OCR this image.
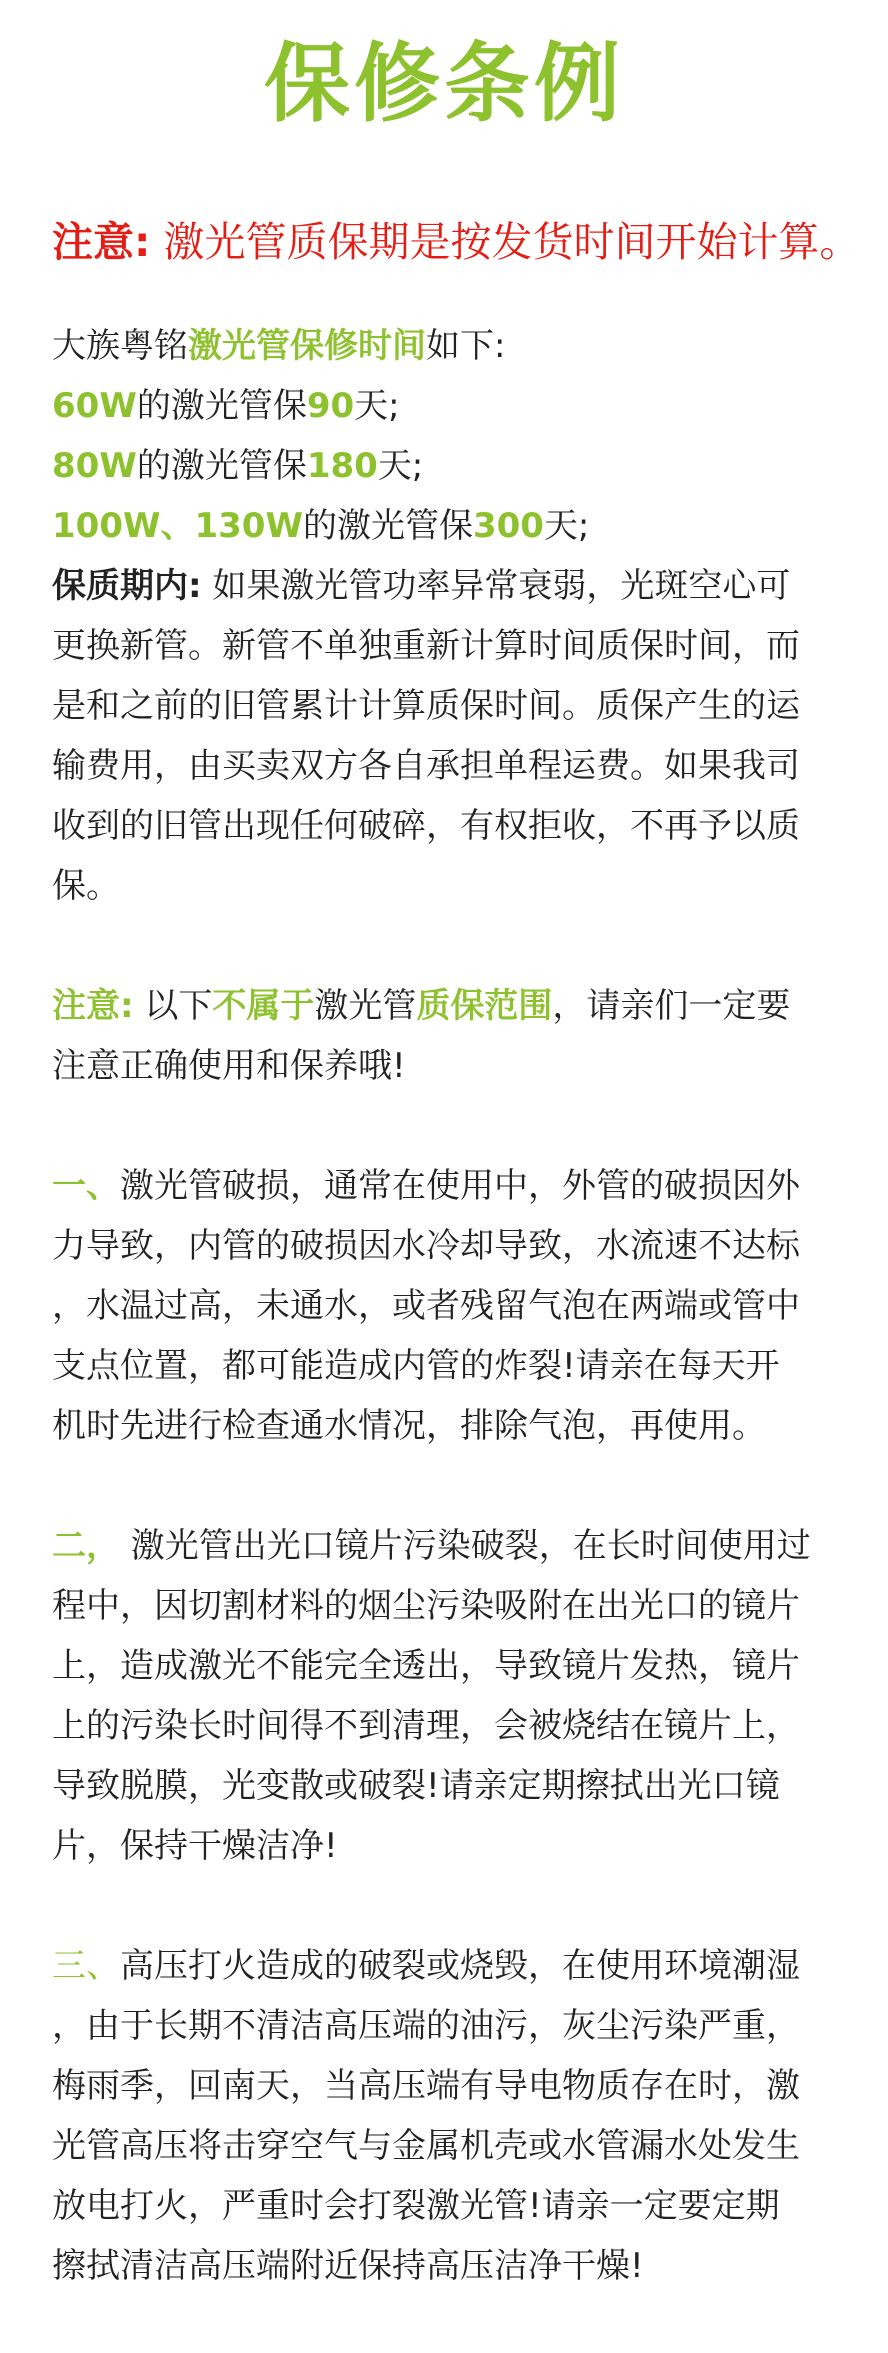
保修条例
注意: 激光管质保期是按发货时间开始计算。
大族粤铭激光管保修时间如下:
60W的激光管保90天;
80W的激光管保180天;
100W、130W的激光管保300天;
保质期内: 如果激光管功率异常衰弱，光斑空心可
更换新管。新管不单独重新计算时间质保时间，而
是和之前的旧管累计计算质保时间。质保产生的运
输费用，由买卖双方各自承担单程运费。如果我司
收到的旧管出现任何破碎，有权拒收，不再予以质
保。
注意: 以下不属于激光管质保范围，请亲们一定要
注意正确使用和保养哦!
一、激光管破损，通常在使用中，外管的破损因外
力导致，内管的破损因水冷却导致，水流速不达标
，水温过高，未通水，或者残留气泡在两端或管中
支点位置，都可能造成内管的炸裂!请亲在每天开
机时先进行检查通水情况，排除气泡，再使用。
二， 激光管出光口镜片污染破裂，在长时间使用过
程中，因切割材料的烟尘污染吸附在出光口的镜片
上，造成激光不能完全透出，导致镜片发热，镜片
上的污染长时间得不到清理，会被烧结在镜片上，
导致脱膜，光变散或破裂!请亲定期擦拭出光口镜
片，保持干燥洁净!
三、高压打火造成的破裂或烧毁，在使用环境潮湿
，由于长期不清洁高压端的油污，灰尘污染严重，
梅雨季，回南天，当高压端有导电物质存在时，激
光管高压将击穿空气与金属机壳或水管漏水处发生
放电打火，严重时会打裂激光管!请亲一定要定期
擦拭清洁高压端附近保持高压洁净干燥!
